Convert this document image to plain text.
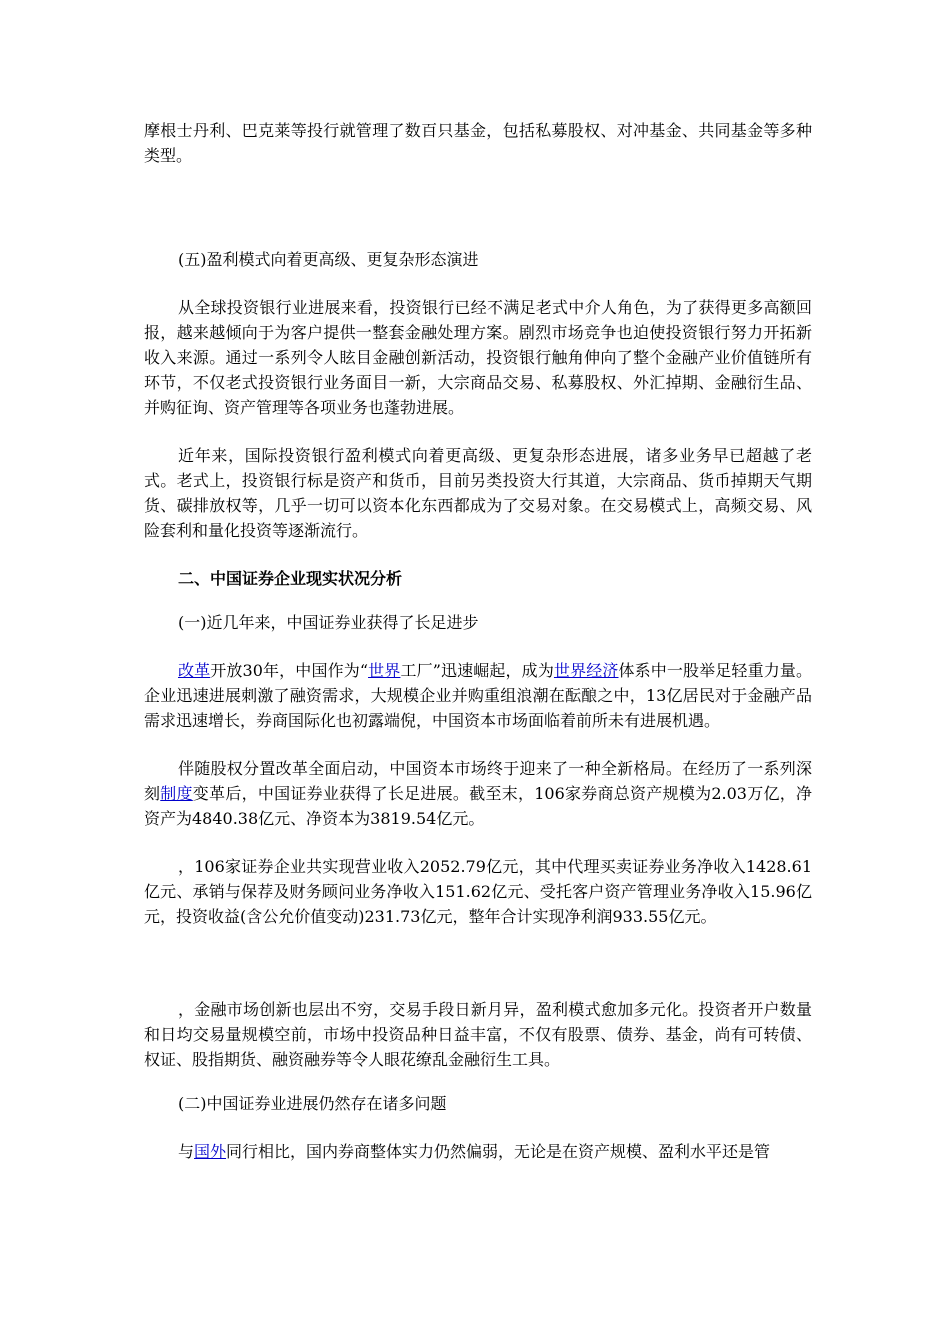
摩根士丹利、巴克莱等投行就管理了数百只基金，包括私募股权、对冲基金、共同基金等多种类型。

(五)盈利模式向着更高级、更复杂形态演进

从全球投资银行业进展来看，投资银行已经不满足老式中介人角色，为了获得更多高额回报，越来越倾向于为客户提供一整套金融处理方案。剧烈市场竞争也迫使投资银行努力开拓新收入来源。通过一系列令人眩目金融创新活动，投资银行触角伸向了整个金融产业价值链所有环节，不仅老式投资银行业务面目一新，大宗商品交易、私募股权、外汇掉期、金融衍生品、并购征询、资产管理等各项业务也蓬勃进展。

近年来，国际投资银行盈利模式向着更高级、更复杂形态进展，诸多业务早已超越了老式。老式上，投资银行标是资产和货币，目前另类投资大行其道，大宗商品、货币掉期天气期货、碳排放权等，几乎一切可以资本化东西都成为了交易对象。在交易模式上，高频交易、风险套利和量化投资等逐渐流行。

二、中国证券企业现实状况分析

(一)近几年来，中国证券业获得了长足进步

改革开放30年，中国作为“世界工厂”迅速崛起，成为世界经济体系中一股举足轻重力量。企业迅速进展刺激了融资需求，大规模企业并购重组浪潮在酝酿之中，13亿居民对于金融产品需求迅速增长，券商国际化也初露端倪，中国资本市场面临着前所未有进展机遇。

伴随股权分置改革全面启动，中国资本市场终于迎来了一种全新格局。在经历了一系列深刻制度变革后，中国证券业获得了长足进展。截至末，106家券商总资产规模为2.03万亿，净资产为4840.38亿元、净资本为3819.54亿元。

，106家证券企业共实现营业收入2052.79亿元，其中代理买卖证券业务净收入1428.61亿元、承销与保荐及财务顾问业务净收入151.62亿元、受托客户资产管理业务净收入15.96亿元，投资收益(含公允价值变动)231.73亿元，整年合计实现净利润933.55亿元。

，金融市场创新也层出不穷，交易手段日新月异，盈利模式愈加多元化。投资者开户数量和日均交易量规模空前，市场中投资品种日益丰富，不仅有股票、债券、基金，尚有可转债、权证、股指期货、融资融券等令人眼花缭乱金融衍生工具。

(二)中国证券业进展仍然存在诸多问题

与国外同行相比，国内券商整体实力仍然偏弱，无论是在资产规模、盈利水平还是管
